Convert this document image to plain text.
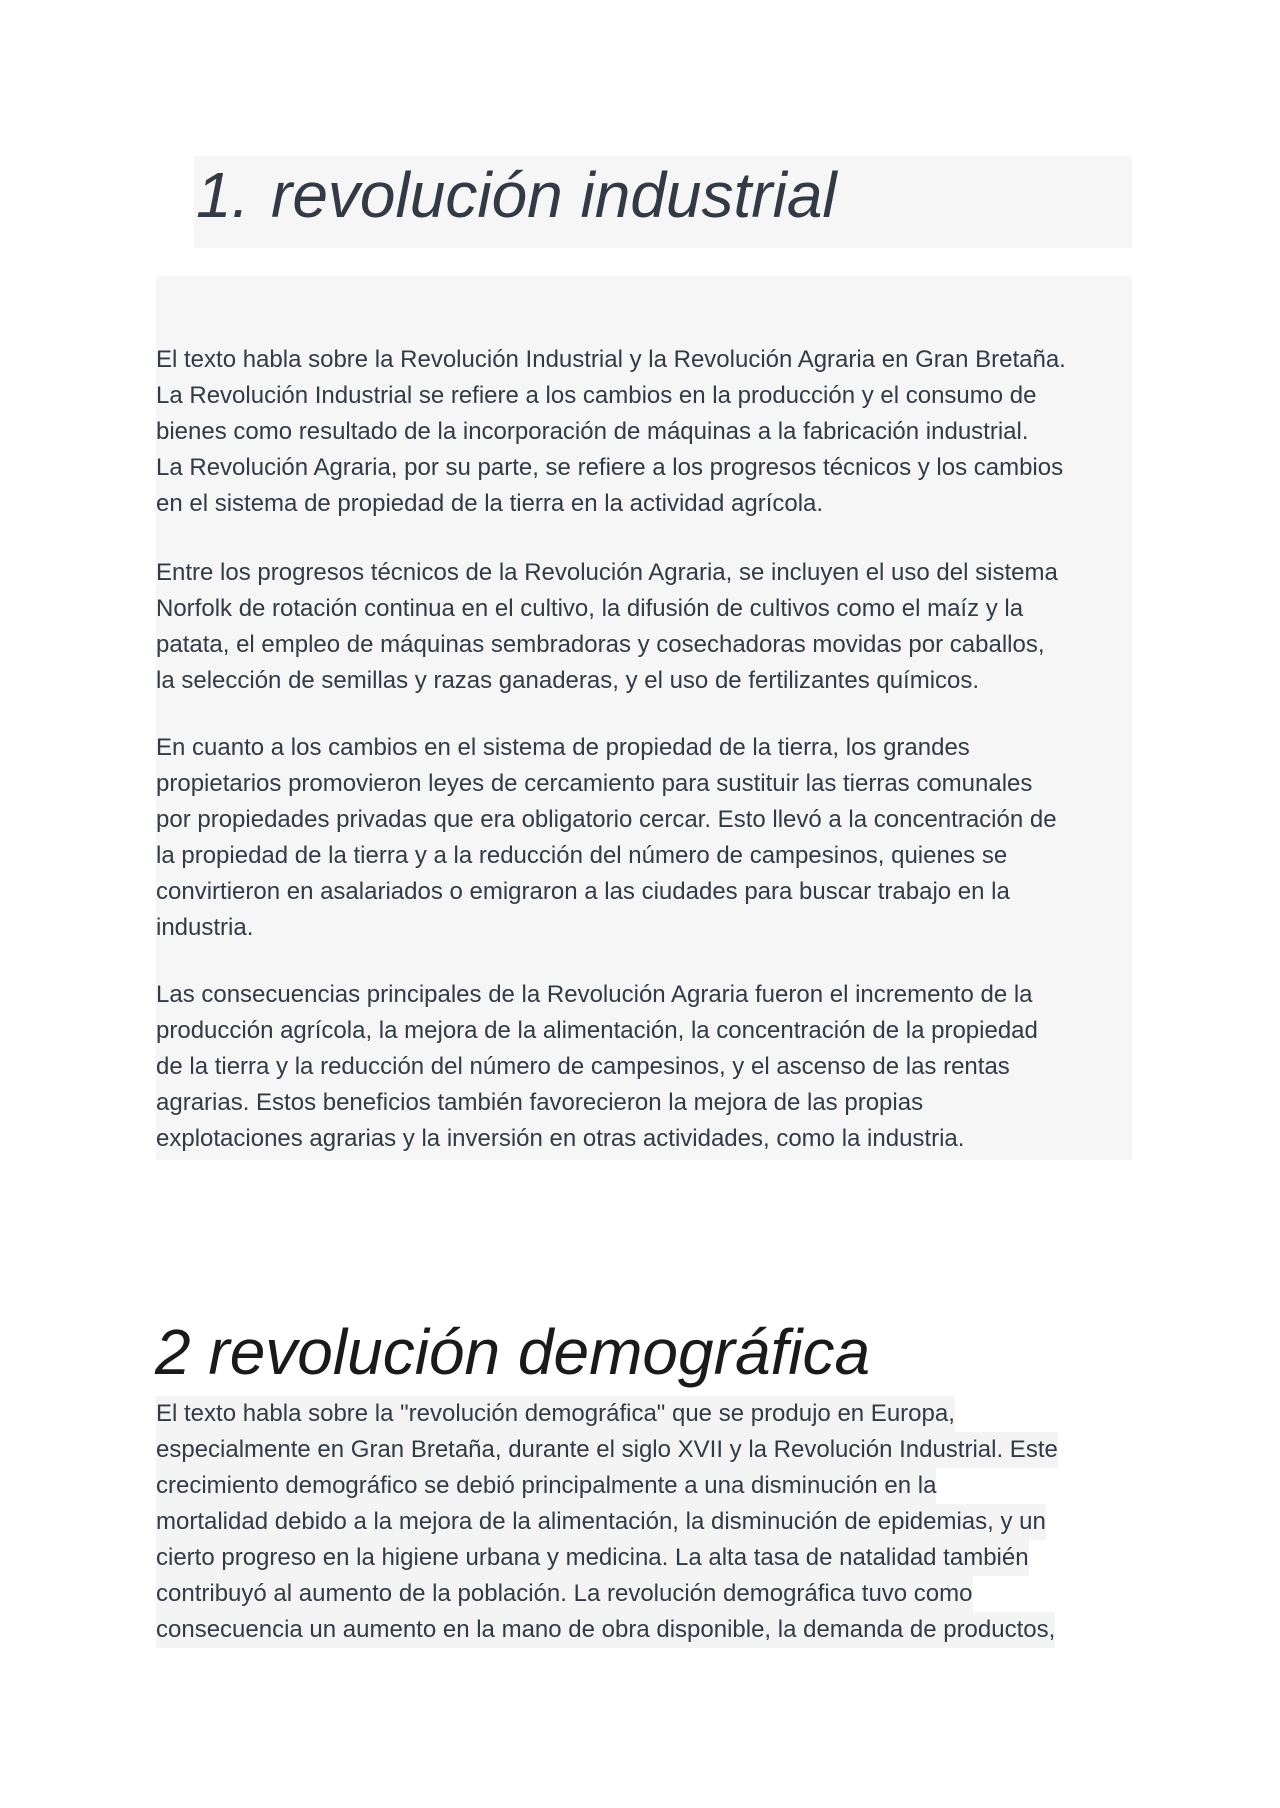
1. revolución industrial

El texto habla sobre la Revolución Industrial y la Revolución Agraria en Gran Bretaña.
La Revolución Industrial se refiere a los cambios en la producción y el consumo de
bienes como resultado de la incorporación de máquinas a la fabricación industrial.
La Revolución Agraria, por su parte, se refiere a los progresos técnicos y los cambios
en el sistema de propiedad de la tierra en la actividad agrícola.

Entre los progresos técnicos de la Revolución Agraria, se incluyen el uso del sistema
Norfolk de rotación continua en el cultivo, la difusión de cultivos como el maíz y la
patata, el empleo de máquinas sembradoras y cosechadoras movidas por caballos,
la selección de semillas y razas ganaderas, y el uso de fertilizantes químicos.

En cuanto a los cambios en el sistema de propiedad de la tierra, los grandes
propietarios promovieron leyes de cercamiento para sustituir las tierras comunales
por propiedades privadas que era obligatorio cercar. Esto llevó a la concentración de
la propiedad de la tierra y a la reducción del número de campesinos, quienes se
convirtieron en asalariados o emigraron a las ciudades para buscar trabajo en la
industria.

Las consecuencias principales de la Revolución Agraria fueron el incremento de la
producción agrícola, la mejora de la alimentación, la concentración de la propiedad
de la tierra y la reducción del número de campesinos, y el ascenso de las rentas
agrarias. Estos beneficios también favorecieron la mejora de las propias
explotaciones agrarias y la inversión en otras actividades, como la industria.

2 revolución demográfica
El texto habla sobre la "revolución demográfica" que se produjo en Europa,
especialmente en Gran Bretaña, durante el siglo XVII y la Revolución Industrial. Este
crecimiento demográfico se debió principalmente a una disminución en la
mortalidad debido a la mejora de la alimentación, la disminución de epidemias, y un
cierto progreso en la higiene urbana y medicina. La alta tasa de natalidad también
contribuyó al aumento de la población. La revolución demográfica tuvo como
consecuencia un aumento en la mano de obra disponible, la demanda de productos,
